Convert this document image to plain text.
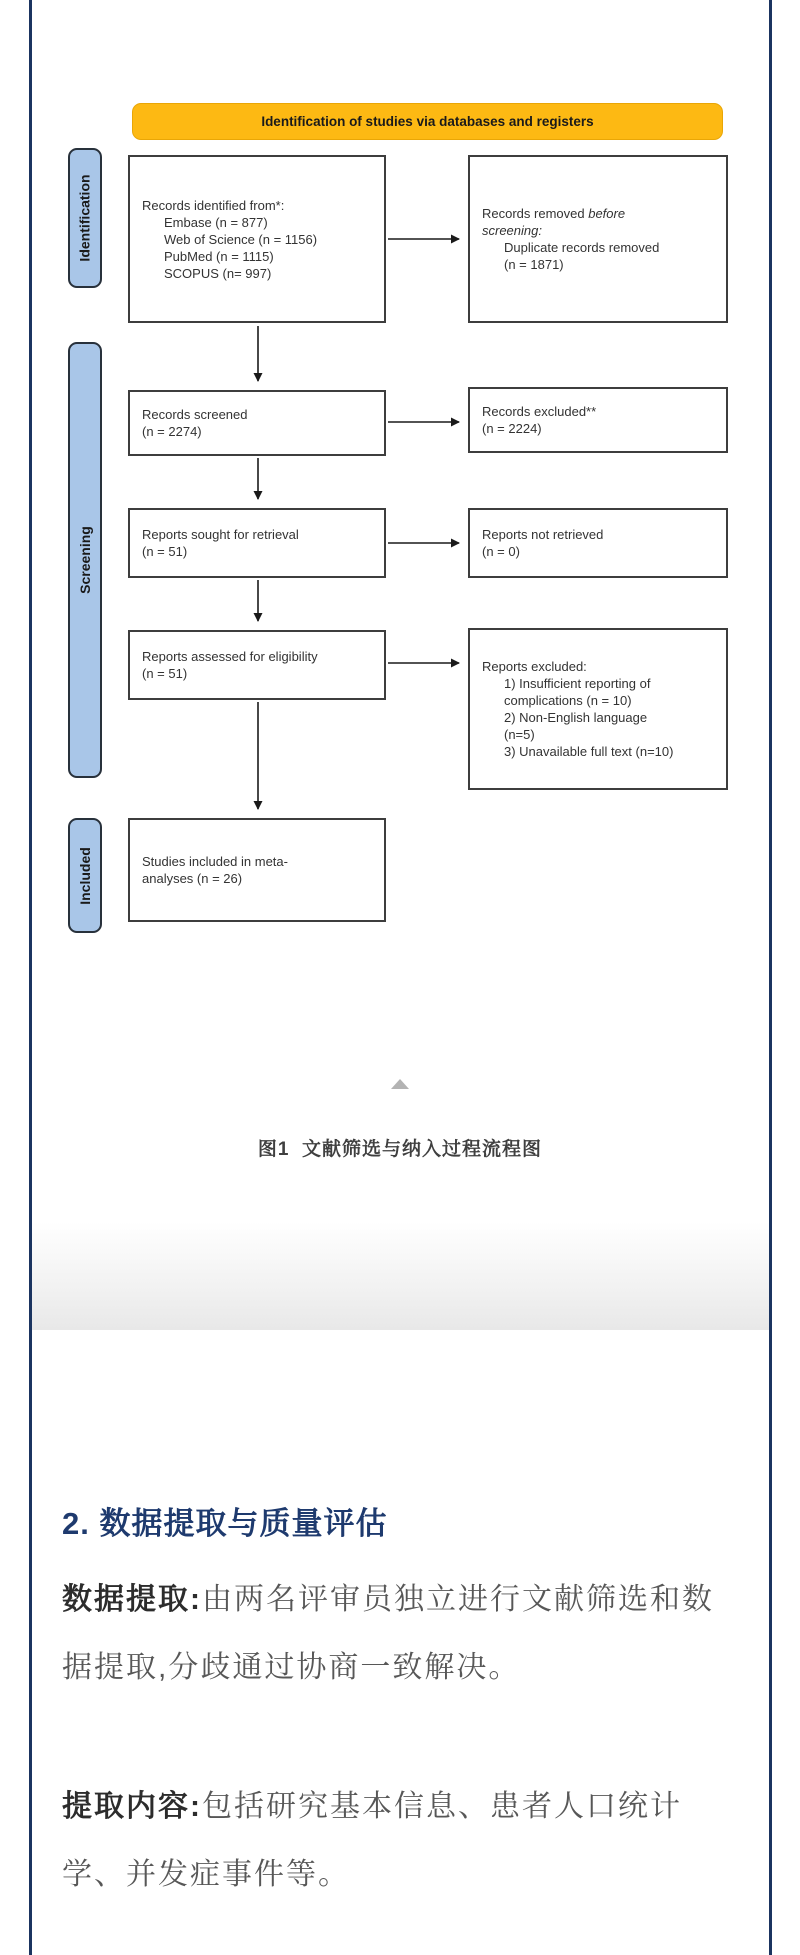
Identification of studies via databases and registers
Identification
Screening
Included
Records identified from*:
Embase (n = 877)
Web of Science (n = 1156)
PubMed (n = 1115)
SCOPUS (n= 997)
Records removed before
screening:
Duplicate records removed
(n = 1871)
Records screened
(n = 2274)
Records excluded**
(n = 2224)
Reports sought for retrieval
(n = 51)
Reports not retrieved
(n = 0)
Reports assessed for eligibility
(n = 51)	Reports excluded:
1) Insufficient reporting of
complications (n = 10)
2) Non-English language
(n=5)
3) Unavailable full text (n=10)
Studies included in meta-
analyses (n = 26)
图1  文献筛选与纳入过程流程图
2. 数据提取与质量评估
数据提取:由两名评审员独立进行文献筛选和数
据提取,分歧通过协商一致解决。
提取内容:包括研究基本信息、患者人口统计
学、并发症事件等。
